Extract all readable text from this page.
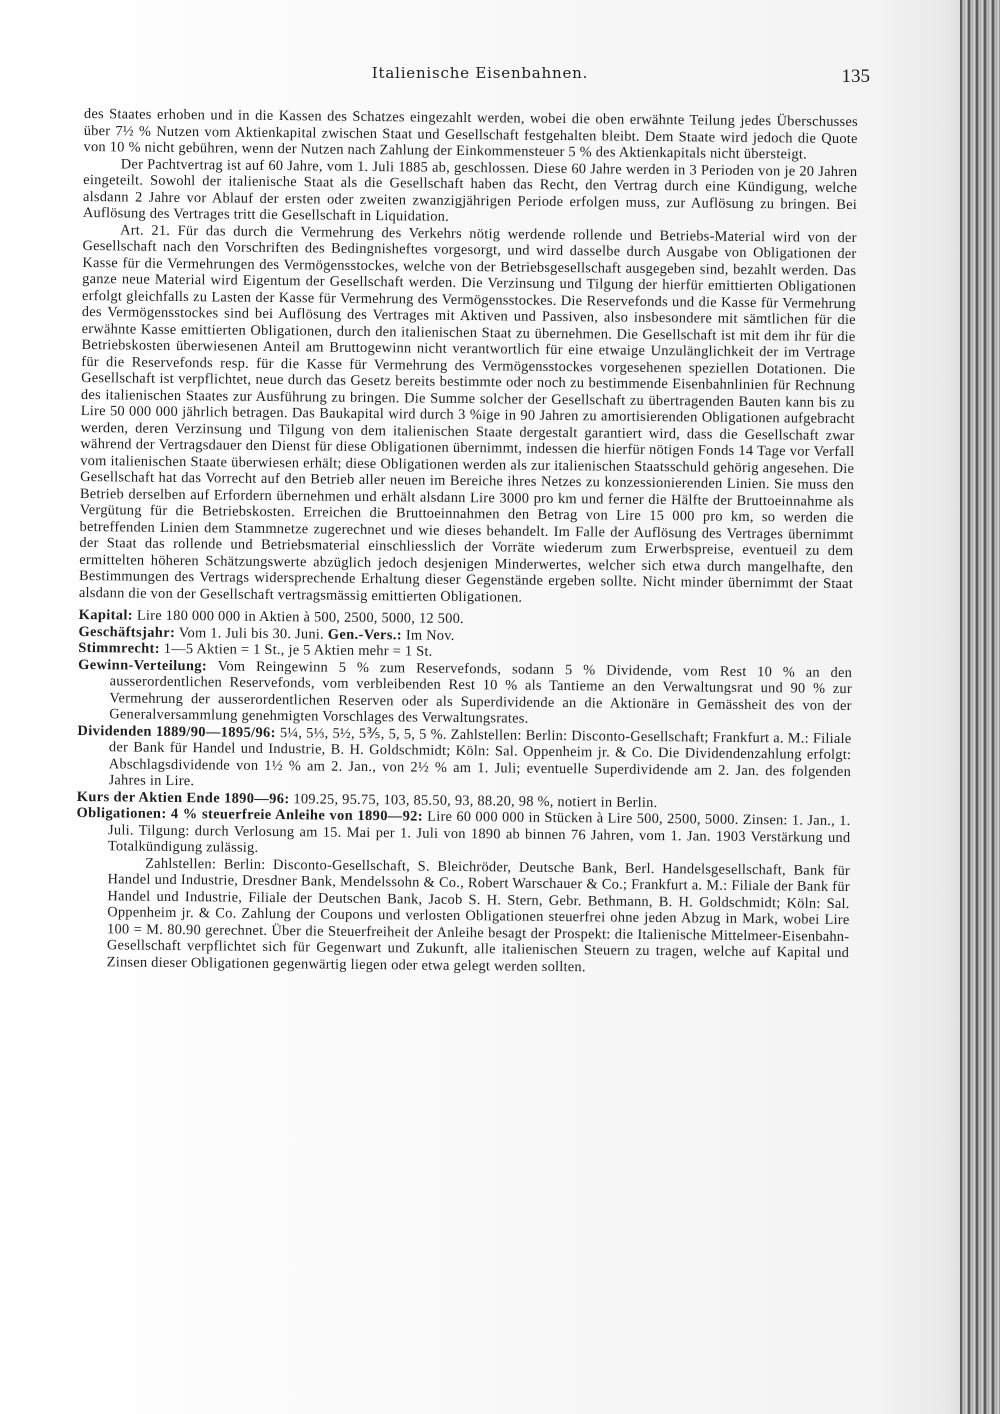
Italienische Eisenbahnen.	135

des Staates erhoben und in die Kassen des Schatzes eingezahlt werden, wobei die oben erwähnte Teilung jedes Überschusses über 7½ % Nutzen vom Aktienkapital zwischen Staat und Gesellschaft festgehalten bleibt. Dem Staate wird jedoch die Quote von 10 % nicht gebühren, wenn der Nutzen nach Zahlung der Einkommensteuer 5 % des Aktienkapitals nicht übersteigt.

Der Pachtvertrag ist auf 60 Jahre, vom 1. Juli 1885 ab, geschlossen. Diese 60 Jahre werden in 3 Perioden von je 20 Jahren eingeteilt. Sowohl der italienische Staat als die Gesellschaft haben das Recht, den Vertrag durch eine Kündigung, welche alsdann 2 Jahre vor Ablauf der ersten oder zweiten zwanzigjährigen Periode erfolgen muss, zur Auflösung zu bringen. Bei Auflösung des Vertrages tritt die Gesellschaft in Liquidation.

Art. 21. Für das durch die Vermehrung des Verkehrs nötig werdende rollende und Betriebs-Material wird von der Gesellschaft nach den Vorschriften des Bedingnisheftes vorgesorgt, und wird dasselbe durch Ausgabe von Obligationen der Kasse für die Vermehrungen des Vermögensstockes, welche von der Betriebsgesellschaft ausgegeben sind, bezahlt werden. Das ganze neue Material wird Eigentum der Gesellschaft werden. Die Verzinsung und Tilgung der hierfür emittierten Obligationen erfolgt gleichfalls zu Lasten der Kasse für Vermehrung des Vermögensstockes. Die Reservefonds und die Kasse für Vermehrung des Vermögensstockes sind bei Auflösung des Vertrages mit Aktiven und Passiven, also insbesondere mit sämtlichen für die erwähnte Kasse emittierten Obligationen, durch den italienischen Staat zu übernehmen. Die Gesellschaft ist mit dem ihr für die Betriebskosten überwiesenen Anteil am Bruttogewinn nicht verantwortlich für eine etwaige Unzulänglichkeit der im Vertrage für die Reservefonds resp. für die Kasse für Vermehrung des Vermögensstockes vorgesehenen speziellen Dotationen. Die Gesellschaft ist verpflichtet, neue durch das Gesetz bereits bestimmte oder noch zu bestimmende Eisenbahnlinien für Rechnung des italienischen Staates zur Ausführung zu bringen. Die Summe solcher der Gesellschaft zu übertragenden Bauten kann bis zu Lire 50 000 000 jährlich betragen. Das Baukapital wird durch 3 %ige in 90 Jahren zu amortisierenden Obligationen aufgebracht werden, deren Verzinsung und Tilgung von dem italienischen Staate dergestalt garantiert wird, dass die Gesellschaft zwar während der Vertragsdauer den Dienst für diese Obligationen übernimmt, indessen die hierfür nötigen Fonds 14 Tage vor Verfall vom italienischen Staate überwiesen erhält; diese Obligationen werden als zur italienischen Staatsschuld gehörig angesehen. Die Gesellschaft hat das Vorrecht auf den Betrieb aller neuen im Bereiche ihres Netzes zu konzessionierenden Linien. Sie muss den Betrieb derselben auf Erfordern übernehmen und erhält alsdann Lire 3000 pro km und ferner die Hälfte der Bruttoeinnahme als Vergütung für die Betriebskosten. Erreichen die Bruttoeinnahmen den Betrag von Lire 15 000 pro km, so werden die betreffenden Linien dem Stammnetze zugerechnet und wie dieses behandelt. Im Falle der Auflösung des Vertrages übernimmt der Staat das rollende und Betriebsmaterial einschliesslich der Vorräte wiederum zum Erwerbspreise, eventueil zu dem ermittelten höheren Schätzungswerte abzüglich jedoch desjenigen Minderwertes, welcher sich etwa durch mangelhafte, den Bestimmungen des Vertrags widersprechende Erhaltung dieser Gegenstände ergeben sollte. Nicht minder übernimmt der Staat alsdann die von der Gesellschaft vertragsmässig emittierten Obligationen.

Kapital: Lire 180 000 000 in Aktien à 500, 2500, 5000, 12 500.

Geschäftsjahr: Vom 1. Juli bis 30. Juni. Gen.-Vers.: Im Nov.

Stimmrecht: 1—5 Aktien = 1 St., je 5 Aktien mehr = 1 St.

Gewinn-Verteilung: Vom Reingewinn 5 % zum Reservefonds, sodann 5 % Dividende, vom Rest 10 % an den ausserordentlichen Reservefonds, vom verbleibenden Rest 10 % als Tantieme an den Verwaltungsrat und 90 % zur Vermehrung der ausserordentlichen Reserven oder als Superdividende an die Aktionäre in Gemässheit des von der Generalversammlung genehmigten Vorschlages des Verwaltungsrates.

Dividenden 1889/90—1895/96: 5¼, 5⅓, 5½, 5⅗, 5, 5, 5 %. Zahlstellen: Berlin: Disconto-Gesellschaft; Frankfurt a. M.: Filiale der Bank für Handel und Industrie, B. H. Goldschmidt; Köln: Sal. Oppenheim jr. & Co. Die Dividendenzahlung erfolgt: Abschlagsdividende von 1½ % am 2. Jan., von 2½ % am 1. Juli; eventuelle Superdividende am 2. Jan. des folgenden Jahres in Lire.

Kurs der Aktien Ende 1890—96: 109.25, 95.75, 103, 85.50, 93, 88.20, 98 %, notiert in Berlin.

Obligationen: 4 % steuerfreie Anleihe von 1890—92: Lire 60 000 000 in Stücken à Lire 500, 2500, 5000. Zinsen: 1. Jan., 1. Juli. Tilgung: durch Verlosung am 15. Mai per 1. Juli von 1890 ab binnen 76 Jahren, vom 1. Jan. 1903 Verstärkung und Totalkündigung zulässig.

Zahlstellen: Berlin: Disconto-Gesellschaft, S. Bleichröder, Deutsche Bank, Berl. Handelsgesellschaft, Bank für Handel und Industrie, Dresdner Bank, Mendelssohn & Co., Robert Warschauer & Co.; Frankfurt a. M.: Filiale der Bank für Handel und Industrie, Filiale der Deutschen Bank, Jacob S. H. Stern, Gebr. Bethmann, B. H. Goldschmidt; Köln: Sal. Oppenheim jr. & Co. Zahlung der Coupons und verlosten Obligationen steuerfrei ohne jeden Abzug in Mark, wobei Lire 100 = M. 80.90 gerechnet. Über die Steuerfreiheit der Anleihe besagt der Prospekt: die Italienische Mittelmeer-Eisenbahn-Gesellschaft verpflichtet sich für Gegenwart und Zukunft, alle italienischen Steuern zu tragen, welche auf Kapital und Zinsen dieser Obligationen gegenwärtig liegen oder etwa gelegt werden sollten.
